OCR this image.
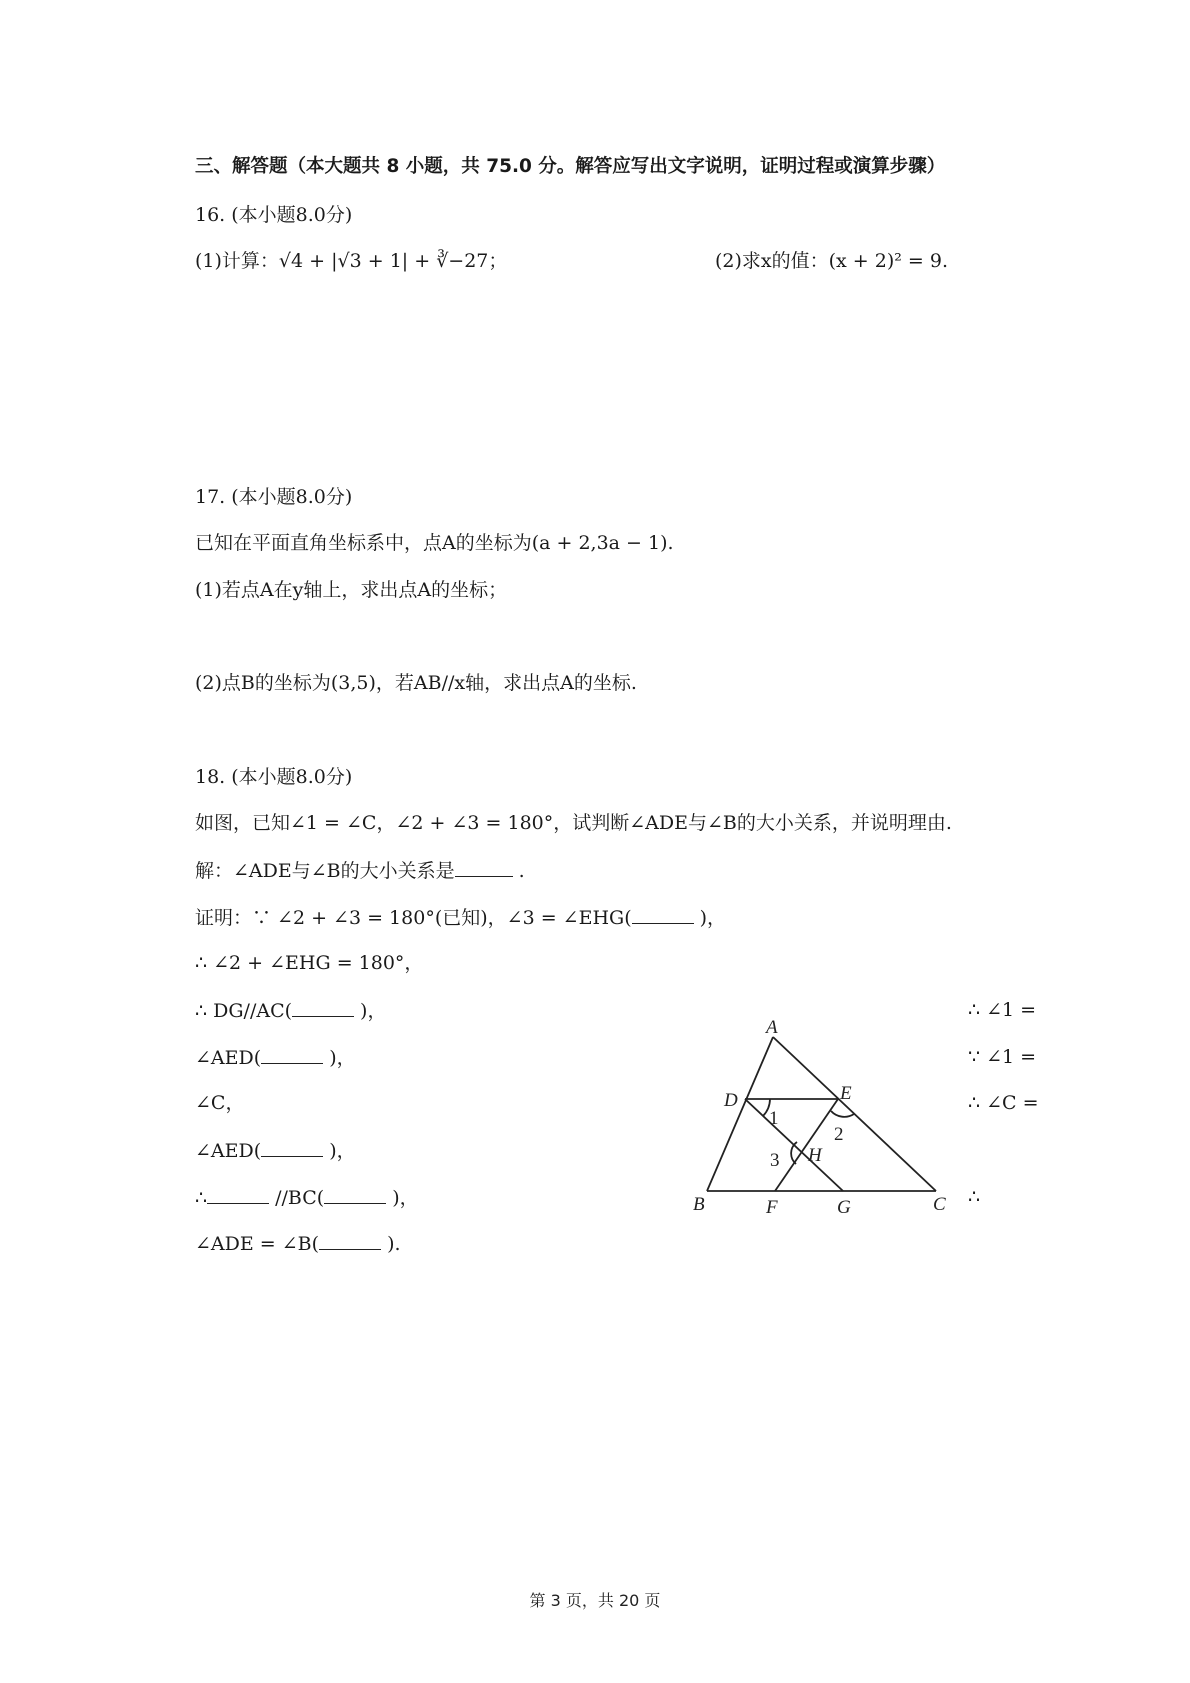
三、解答题（本大题共 8 小题，共 75.0 分。解答应写出文字说明，证明过程或演算步骤）
16. (本小题8.0分)
(1)计算：√4 + |√3 + 1| + ∛−27；	(2)求x的值：(x + 2)² = 9.
17. (本小题8.0分)
已知在平面直角坐标系中，点A的坐标为(a + 2,3a − 1).
(1)若点A在y轴上，求出点A的坐标；
(2)点B的坐标为(3,5)，若AB//x轴，求出点A的坐标.
18. (本小题8.0分)
如图，已知∠1 = ∠C，∠2 + ∠3 = 180°，试判断∠ADE与∠B的大小关系，并说明理由.
解：∠ADE与∠B的大小关系是	.
证明：∵ ∠2 + ∠3 = 180°(已知)，∠3 = ∠EHG(	)，
∴ ∠2 + ∠EHG = 180°，
∴ DG//AC(	)，
∠AED(	)，
∠C，
∠AED(	)，
∴	//BC(	)，
∠ADE = ∠B(	).
∴ ∠1 =
∵ ∠1 =
∴ ∠C =
∴
A
D	E
B	F	G	C
H
1
2
3
第 3 页，共 20 页
